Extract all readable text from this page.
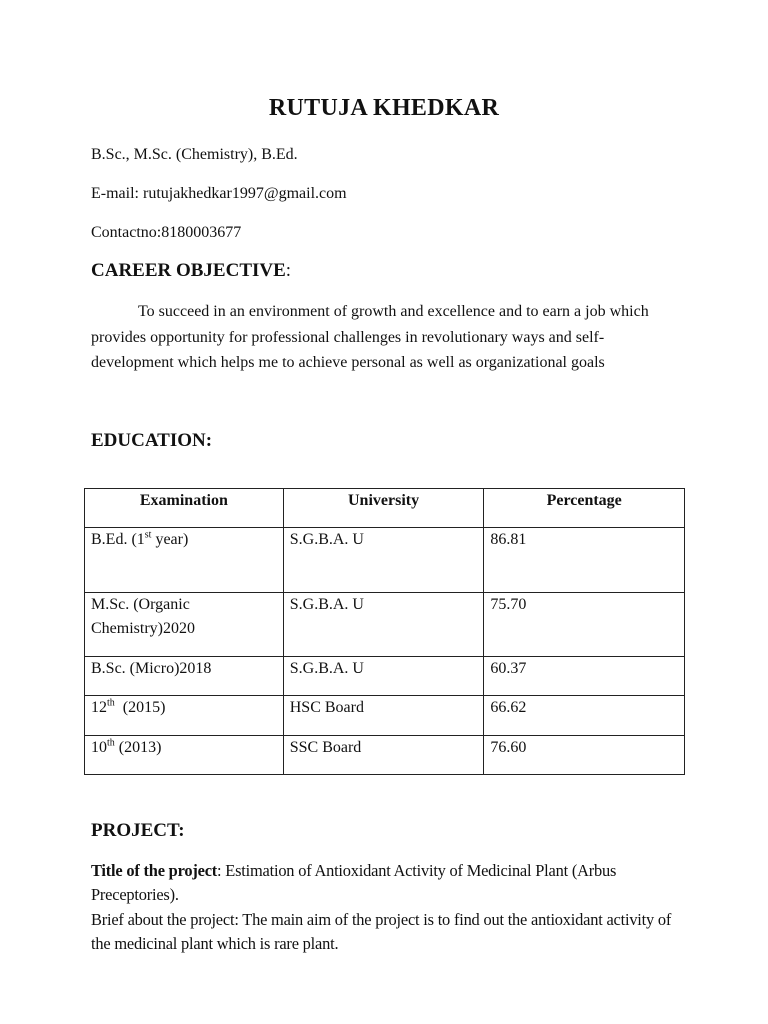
RUTUJA KHEDKAR
B.Sc., M.Sc. (Chemistry), B.Ed.
E-mail: rutujakhedkar1997@gmail.com
Contactno:8180003677
CAREER OBJECTIVE:
To succeed in an environment of growth and excellence and to earn a job which provides opportunity for professional challenges in revolutionary ways and self-development which helps me to achieve personal as well as organizational goals
EDUCATION:
Examination	University	Percentage
B.Ed. (1st year)	S.G.B.A. U	86.81

M.Sc. (Organic
Chemistry)2020	S.G.B.A. U	75.70
B.Sc. (Micro)2018	S.G.B.A. U	60.37
12th  (2015)	HSC Board	66.62
10th (2013)	SSC Board	76.60
PROJECT:
Title of the project: Estimation of Antioxidant Activity of Medicinal Plant (Arbus Preceptories).
Brief about the project: The main aim of the project is to find out the antioxidant activity of the medicinal plant which is rare plant.
